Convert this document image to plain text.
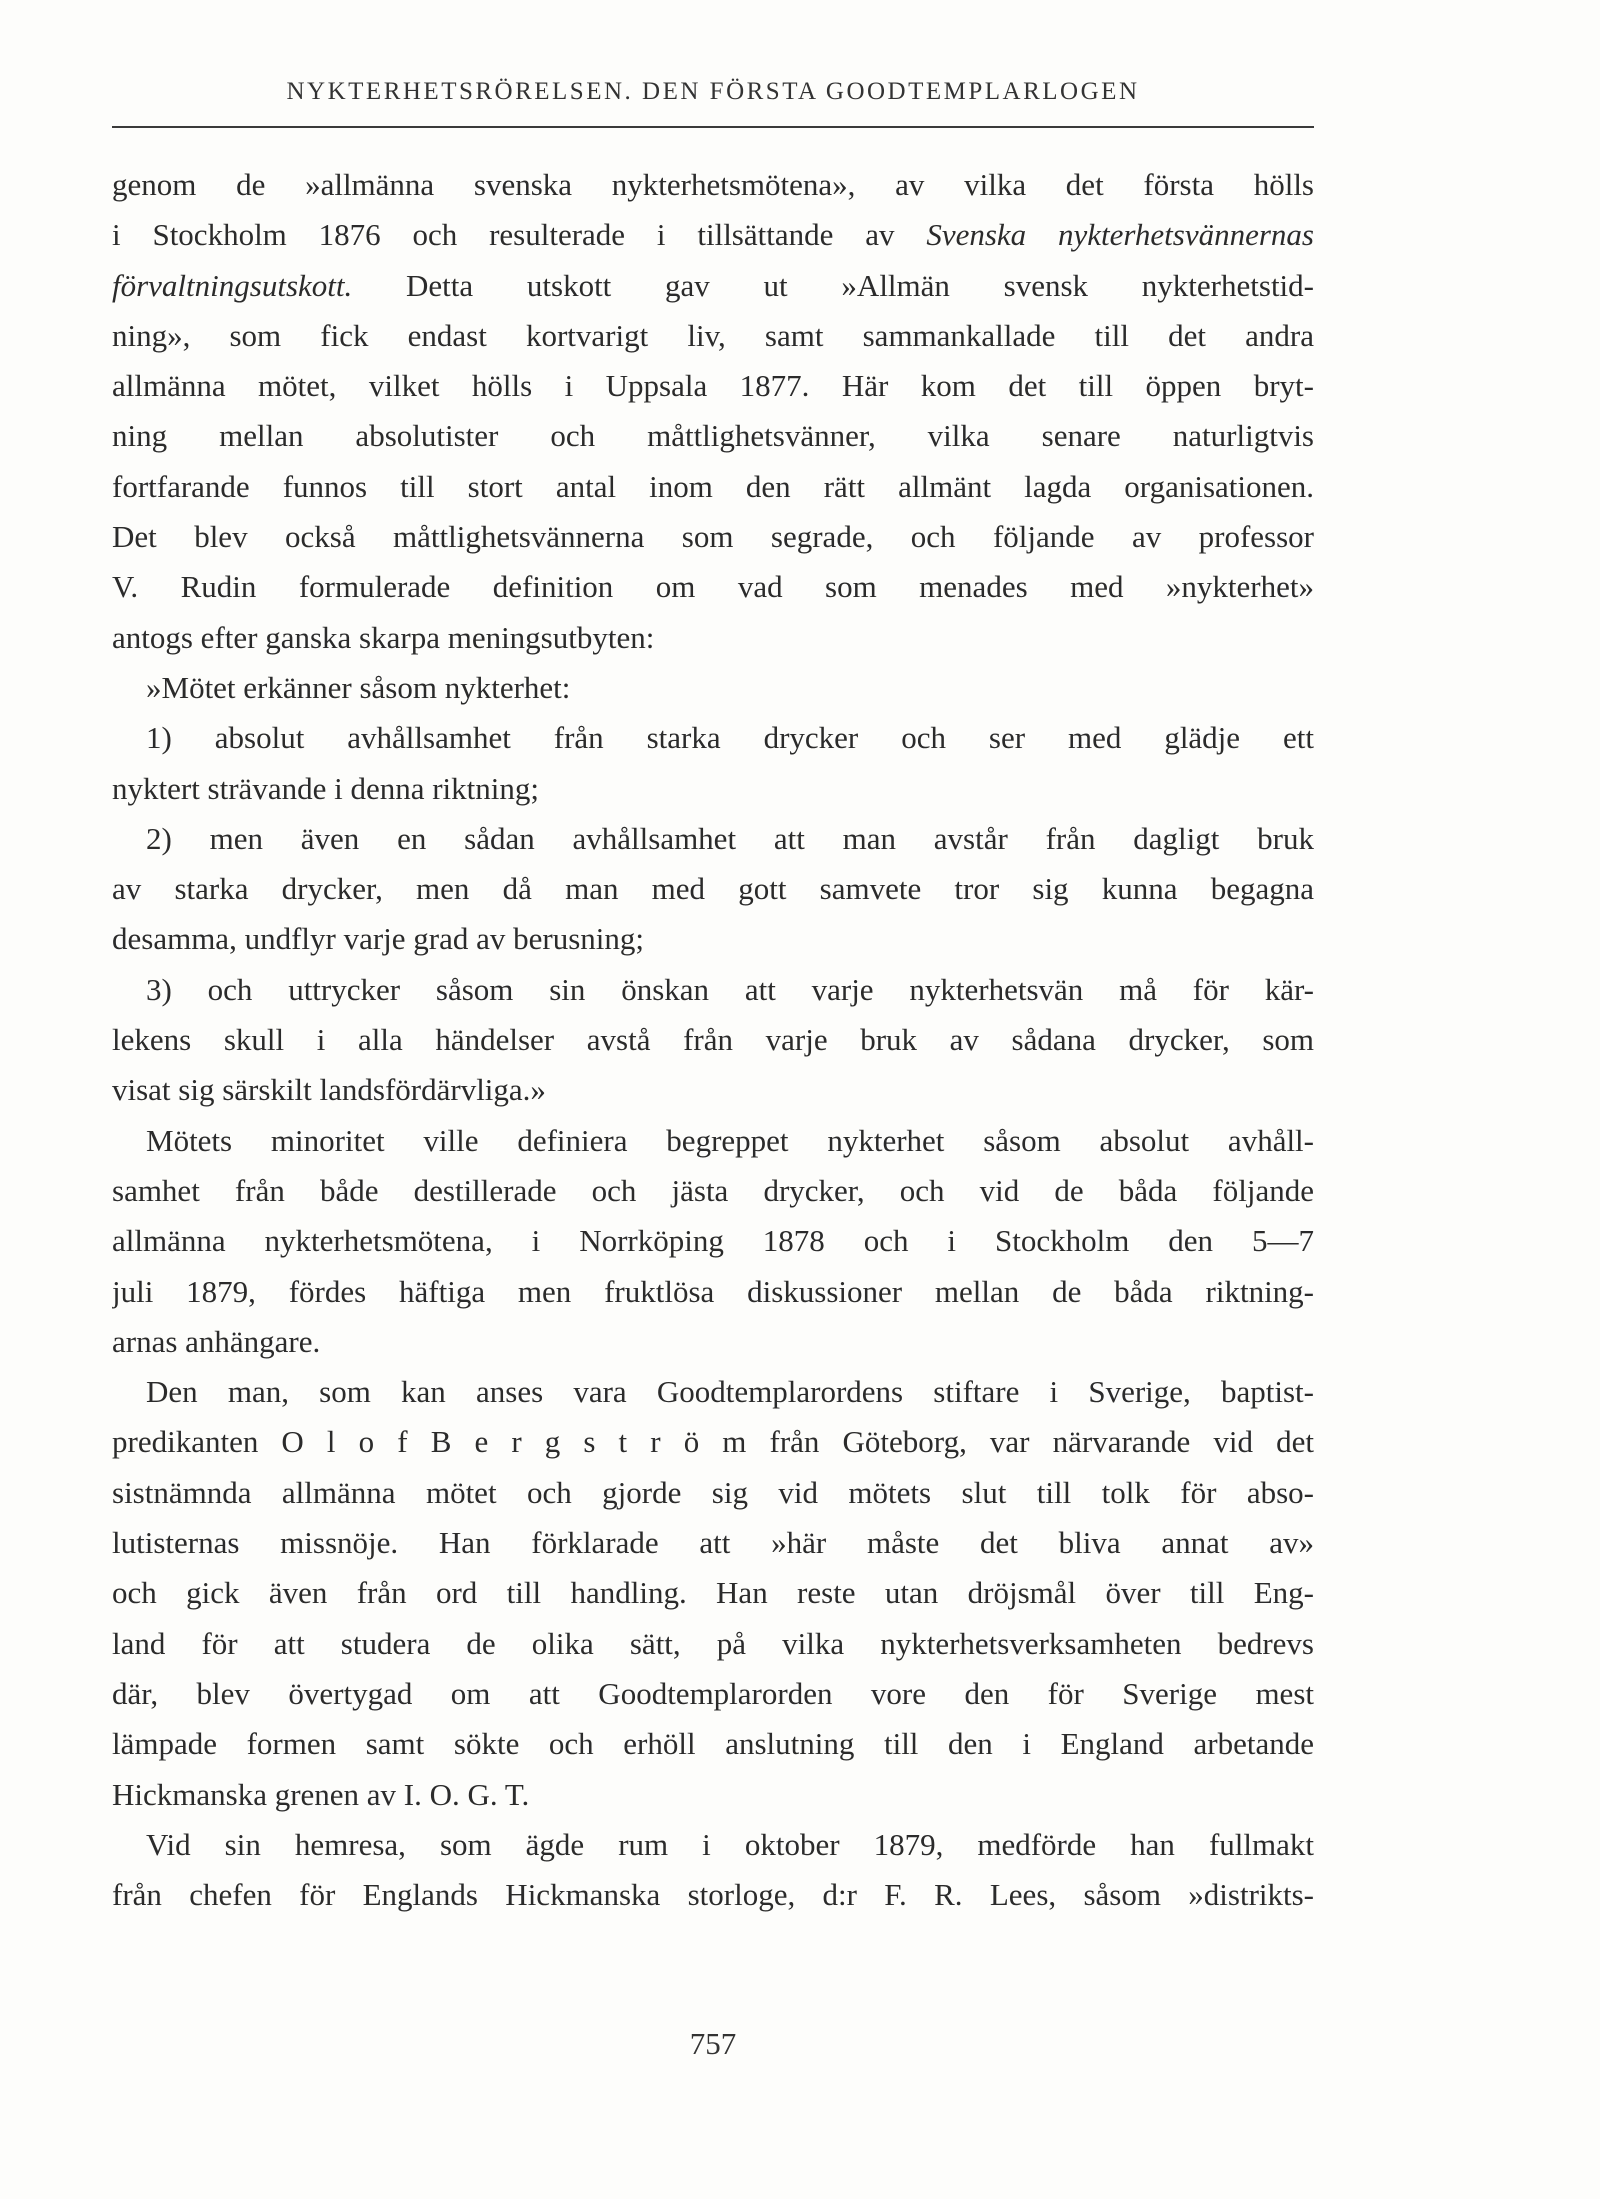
NYKTERHETSRÖRELSEN. DEN FÖRSTA GOODTEMPLARLOGEN
genom de »allmänna svenska nykterhetsmötena», av vilka det första hölls
i Stockholm 1876 och resulterade i tillsättande av Svenska nykterhetsvännernas
förvaltningsutskott. Detta utskott gav ut »Allmän svensk nykterhetstid-
ning», som fick endast kortvarigt liv, samt sammankallade till det andra
allmänna mötet, vilket hölls i Uppsala 1877. Här kom det till öppen bryt-
ning mellan absolutister och måttlighetsvänner, vilka senare naturligtvis
fortfarande funnos till stort antal inom den rätt allmänt lagda organisationen.
Det blev också måttlighetsvännerna som segrade, och följande av professor
V. Rudin formulerade definition om vad som menades med »nykterhet»
antogs efter ganska skarpa meningsutbyten:
»Mötet erkänner såsom nykterhet:
1) absolut avhållsamhet från starka drycker och ser med glädje ett
nyktert strävande i denna riktning;
2) men även en sådan avhållsamhet att man avstår från dagligt bruk
av starka drycker, men då man med gott samvete tror sig kunna begagna
desamma, undflyr varje grad av berusning;
3) och uttrycker såsom sin önskan att varje nykterhetsvän må för kär-
lekens skull i alla händelser avstå från varje bruk av sådana drycker, som
visat sig särskilt landsfördärvliga.»
Mötets minoritet ville definiera begreppet nykterhet såsom absolut avhåll-
samhet från både destillerade och jästa drycker, och vid de båda följande
allmänna nykterhetsmötena, i Norrköping 1878 och i Stockholm den 5—7
juli 1879, fördes häftiga men fruktlösa diskussioner mellan de båda riktning-
arnas anhängare.
Den man, som kan anses vara Goodtemplarordens stiftare i Sverige, baptist-
predikanten O l o f B e r g s t r ö m från Göteborg, var närvarande vid det
sistnämnda allmänna mötet och gjorde sig vid mötets slut till tolk för abso-
lutisternas missnöje. Han förklarade att »här måste det bliva annat av»
och gick även från ord till handling. Han reste utan dröjsmål över till Eng-
land för att studera de olika sätt, på vilka nykterhetsverksamheten bedrevs
där, blev övertygad om att Goodtemplarorden vore den för Sverige mest
lämpade formen samt sökte och erhöll anslutning till den i England arbetande
Hickmanska grenen av I. O. G. T.
Vid sin hemresa, som ägde rum i oktober 1879, medförde han fullmakt
från chefen för Englands Hickmanska storloge, d:r F. R. Lees, såsom »distrikts-
757
